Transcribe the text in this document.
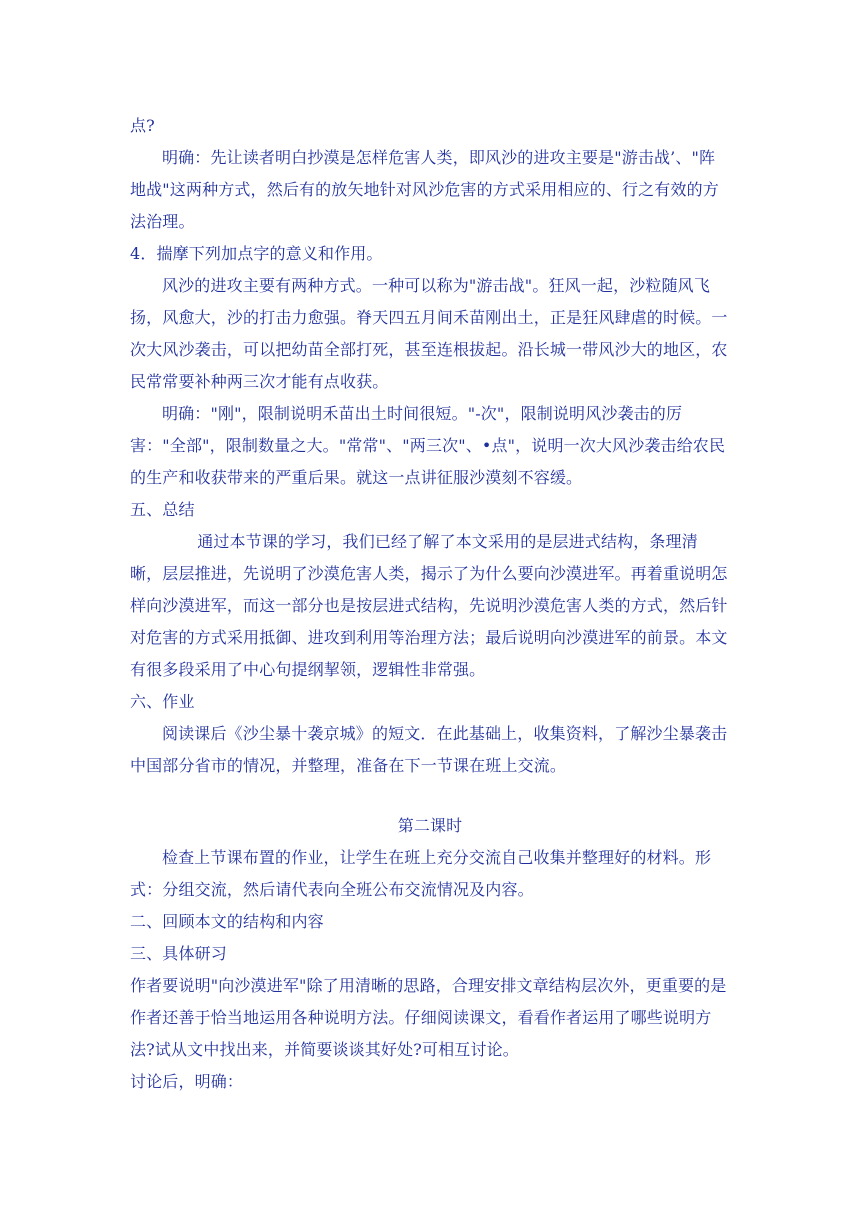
点?

明确：先让读者明白抄漠是怎样危害人类，即风沙的进攻主要是"游击战’、"阵地战"这两种方式，然后有的放矢地针对风沙危害的方式采用相应的、行之有效的方法治理。

4．揣摩下列加点字的意义和作用。

风沙的进攻主要有两种方式。一种可以称为"游击战"。狂风一起，沙粒随风飞扬，风愈大，沙的打击力愈强。脊天四五月间禾苗刚出土，正是狂风肆虐的时候。一次大风沙袭击，可以把幼苗全部打死，甚至连根拔起。沿长城一带风沙大的地区，农民常常要补种两三次才能有点收获。

明确："刚"，限制说明禾苗出土时间很短。"-次"，限制说明风沙袭击的厉害："全部"，限制数量之大。"常常"、"两三次"、•点"，说明一次大风沙袭击给农民的生产和收获带来的严重后果。就这一点讲征服沙漠刻不容缓。

五、总结

通过本节课的学习，我们已经了解了本文采用的是层进式结构，条理清晰，层层推进，先说明了沙漠危害人类，揭示了为什么要向沙漠进军。再着重说明怎样向沙漠进军，而这一部分也是按层进式结构，先说明沙漠危害人类的方式，然后针对危害的方式采用抵御、进攻到利用等治理方法；最后说明向沙漠进军的前景。本文有很多段采用了中心句提纲挈领，逻辑性非常强。

六、作业

阅读课后《沙尘暴十袭京城》的短文．在此基础上，收集资料，了解沙尘暴袭击中国部分省市的情况，并整理，准备在下一节课在班上交流。

第二课时

检查上节课布置的作业，让学生在班上充分交流自己收集并整理好的材料。形式：分组交流，然后请代表向全班公布交流情况及内容。

二、回顾本文的结构和内容

三、具体研习

作者要说明"向沙漠进军"除了用清晰的思路，合理安排文章结构层次外，更重要的是作者还善于恰当地运用各种说明方法。仔细阅读课文，看看作者运用了哪些说明方法?试从文中找出来，并简要谈谈其好处?可相互讨论。

讨论后，明确：
